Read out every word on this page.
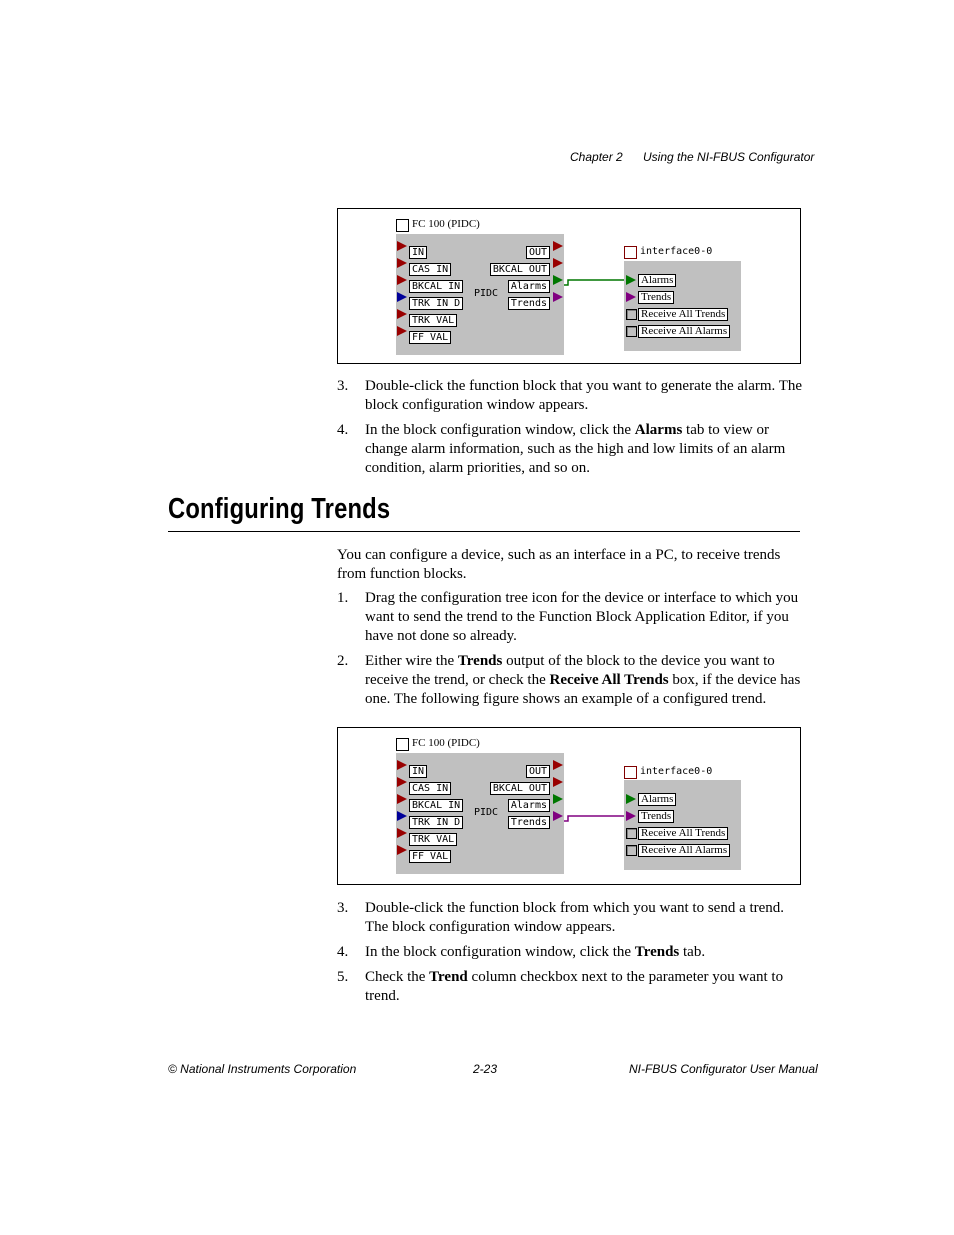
Chapter 2 Using the NI-FBUS Configurator
FC 100 (PIDC)
IN
CAS IN
BKCAL IN
TRK IN D
TRK VAL
FF VAL
OUT
BKCAL OUT
Alarms
Trends
PIDC
interface0-0
Alarms
Trends
Receive All Trends
Receive All Alarms
3. Double-click the function block that you want to generate the alarm. The block configuration window appears.
4. In the block configuration window, click the Alarms tab to view or change alarm information, such as the high and low limits of an alarm condition, alarm priorities, and so on.
Configuring Trends
You can configure a device, such as an interface in a PC, to receive trends from function blocks.
1. Drag the configuration tree icon for the device or interface to which you want to send the trend to the Function Block Application Editor, if you have not done so already.
2. Either wire the Trends output of the block to the device you want to receive the trend, or check the Receive All Trends box, if the device has one. The following figure shows an example of a configured trend.
FC 100 (PIDC)
IN
CAS IN
BKCAL IN
TRK IN D
TRK VAL
FF VAL
OUT
BKCAL OUT
Alarms
Trends
PIDC
interface0-0
Alarms
Trends
Receive All Trends
Receive All Alarms
3. Double-click the function block from which you want to send a trend. The block configuration window appears.
4. In the block configuration window, click the Trends tab.
5. Check the Trend column checkbox next to the parameter you want to trend.
© National Instruments Corporation	2-23	NI-FBUS Configurator User Manual
